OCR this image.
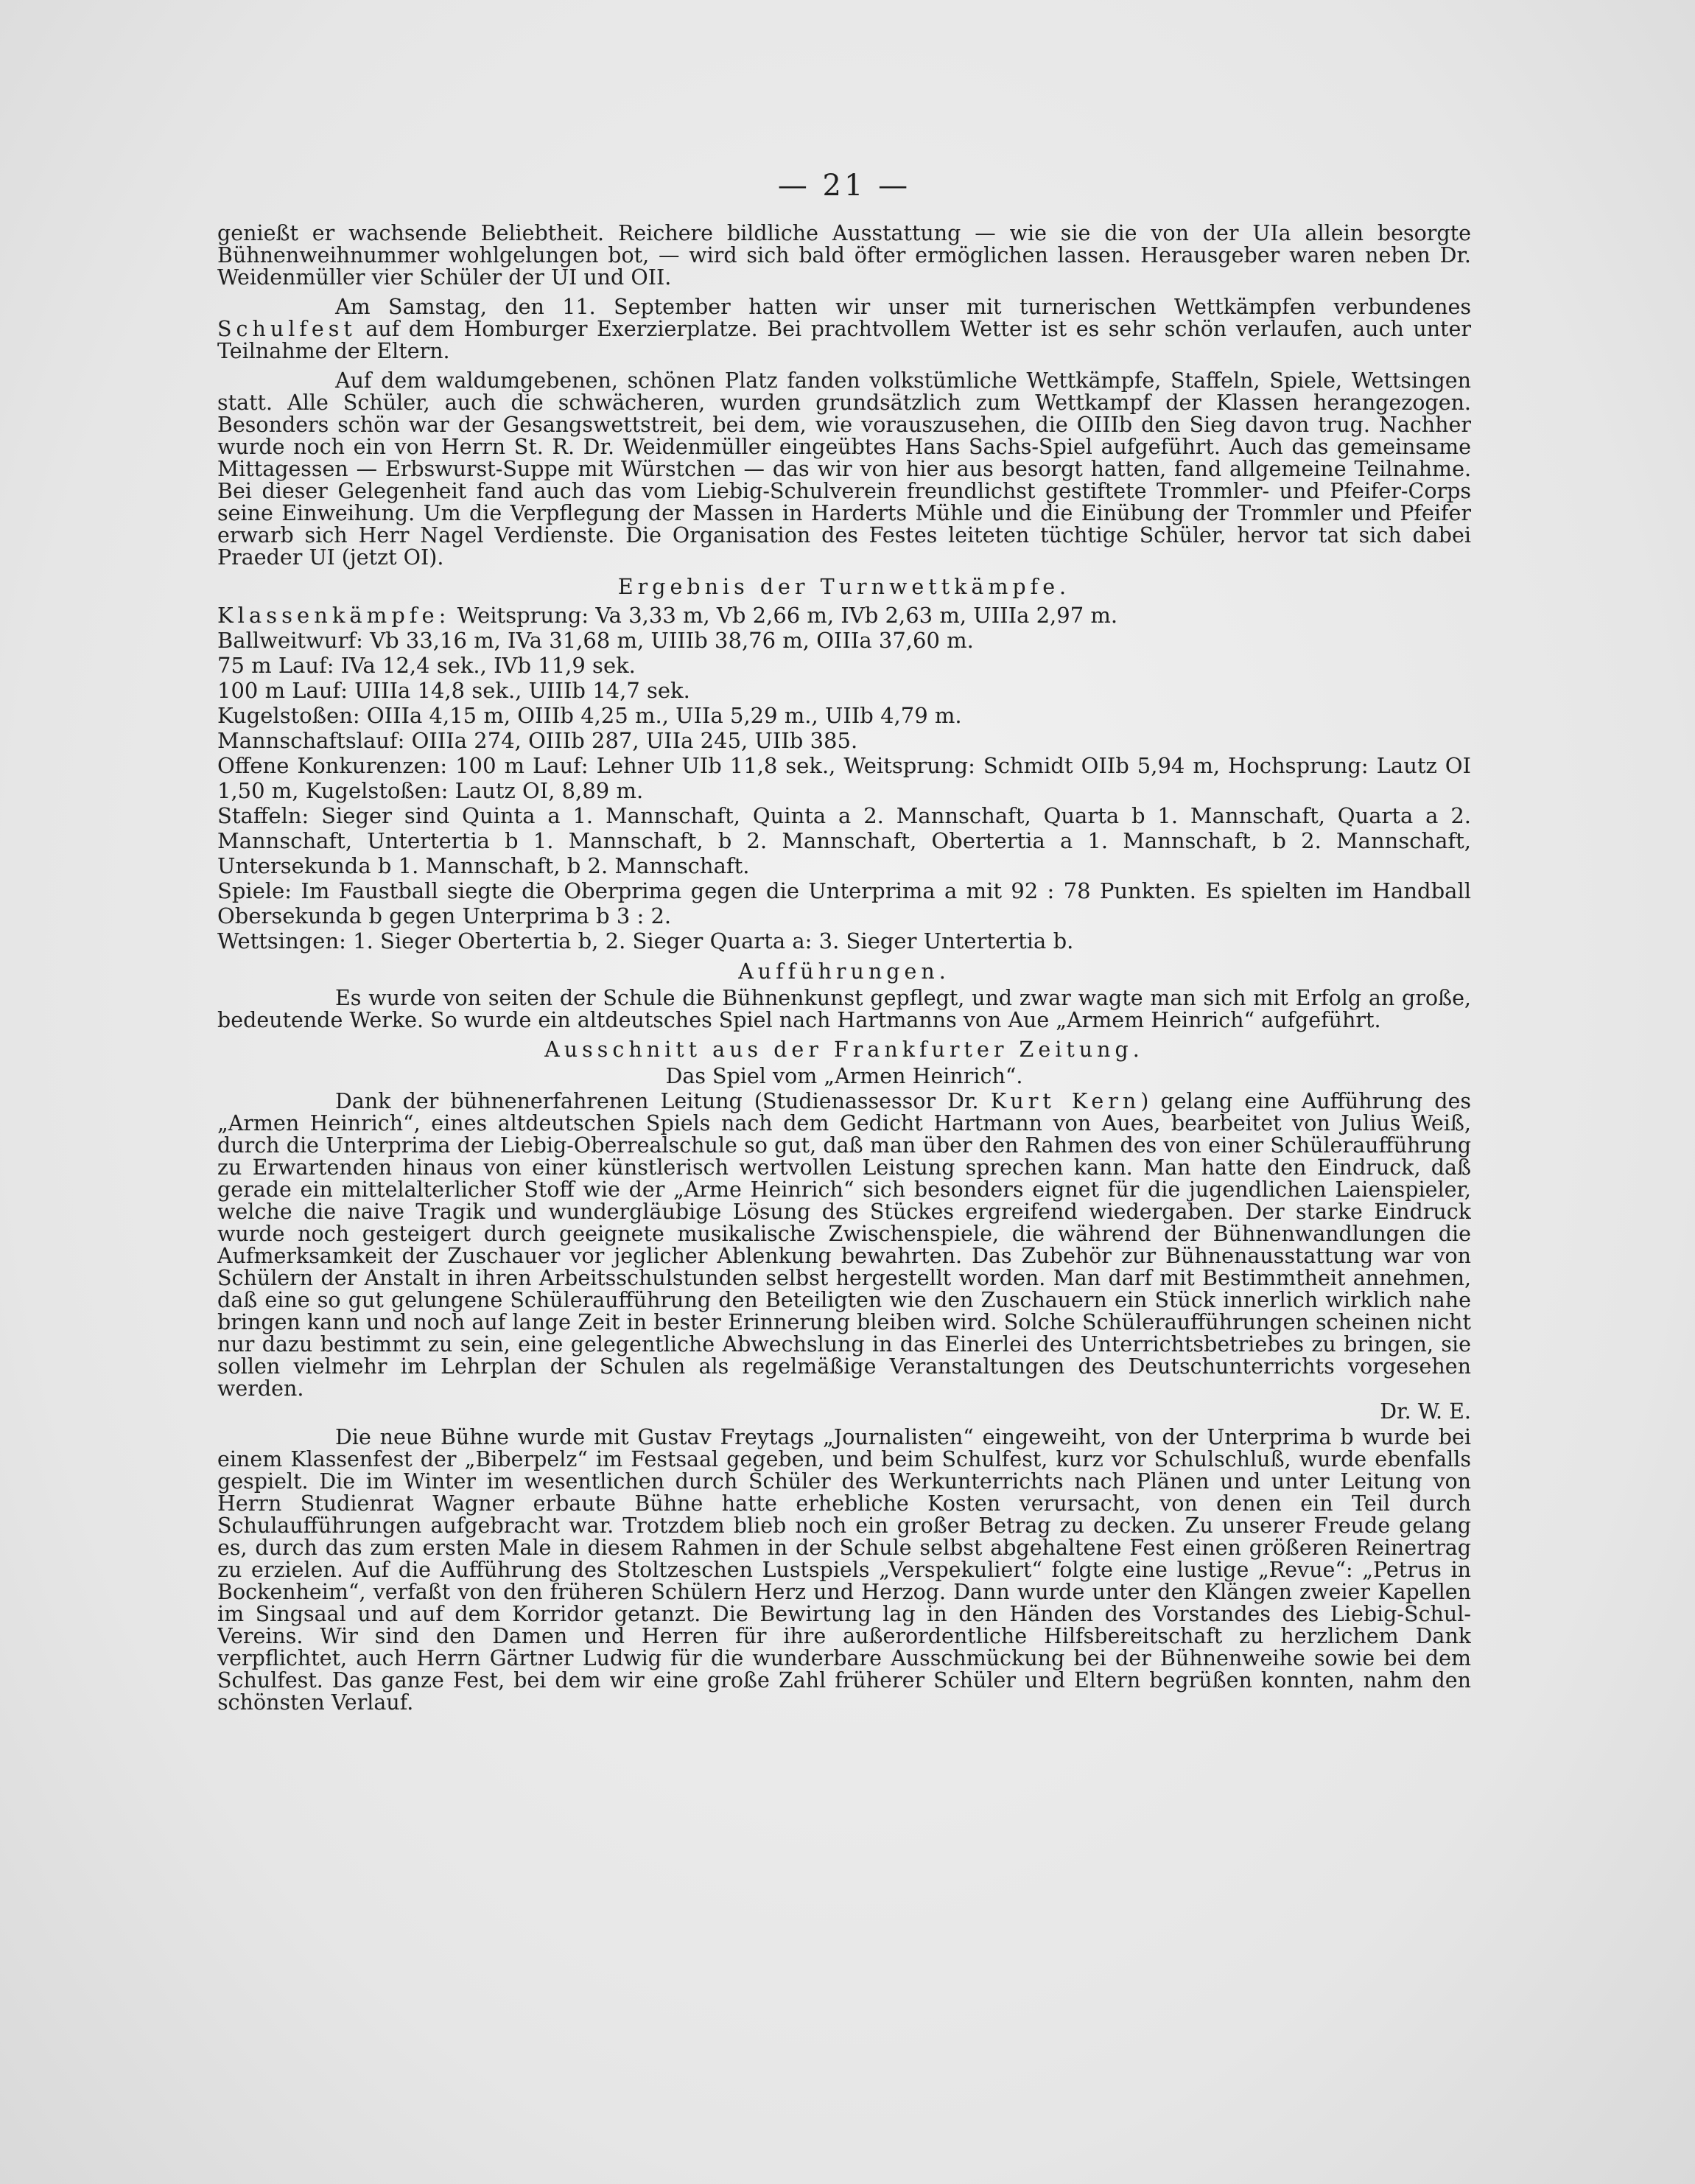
— 21 —

genießt er wachsende Beliebtheit. Reichere bildliche Ausstattung — wie sie die von der UIa allein besorgte Bühnenweihnummer wohlgelungen bot, — wird sich bald öfter ermöglichen lassen. Herausgeber waren neben Dr. Weidenmüller vier Schüler der UI und OII.

Am Samstag, den 11. September hatten wir unser mit turnerischen Wettkämpfen verbundenes Schulfest auf dem Homburger Exerzierplatze. Bei prachtvollem Wetter ist es sehr schön verlaufen, auch unter Teilnahme der Eltern.

Auf dem waldumgebenen, schönen Platz fanden volkstümliche Wettkämpfe, Staffeln, Spiele, Wettsingen statt. Alle Schüler, auch die schwächeren, wurden grundsätzlich zum Wettkampf der Klassen herangezogen. Besonders schön war der Gesangswettstreit, bei dem, wie vorauszusehen, die OIIIb den Sieg davon trug. Nachher wurde noch ein von Herrn St. R. Dr. Weidenmüller eingeübtes Hans Sachs-Spiel aufgeführt. Auch das gemeinsame Mittagessen — Erbswurst-Suppe mit Würstchen — das wir von hier aus besorgt hatten, fand allgemeine Teilnahme. Bei dieser Gelegenheit fand auch das vom Liebig-Schulverein freundlichst gestiftete Trommler- und Pfeifer-Corps seine Einweihung. Um die Verpflegung der Massen in Harderts Mühle und die Einübung der Trommler und Pfeifer erwarb sich Herr Nagel Verdienste. Die Organisation des Festes leiteten tüchtige Schüler, hervor tat sich dabei Praeder UI (jetzt OI).

Ergebnis der Turnwettkämpfe.

Klassenkämpfe: Weitsprung: Va 3,33 m, Vb 2,66 m, IVb 2,63 m, UIIIa 2,97 m.

Ballweitwurf: Vb 33,16 m, IVa 31,68 m, UIIIb 38,76 m, OIIIa 37,60 m.

75 m Lauf: IVa 12,4 sek., IVb 11,9 sek.

100 m Lauf: UIIIa 14,8 sek., UIIIb 14,7 sek.

Kugelstoßen: OIIIa 4,15 m, OIIIb 4,25 m., UIIa 5,29 m., UIIb 4,79 m.

Mannschaftslauf: OIIIa 274, OIIIb 287, UIIa 245, UIIb 385.

Offene Konkurenzen: 100 m Lauf: Lehner UIb 11,8 sek., Weitsprung: Schmidt OIIb 5,94 m, Hochsprung: Lautz OI 1,50 m, Kugelstoßen: Lautz OI, 8,89 m.

Staffeln: Sieger sind Quinta a 1. Mannschaft, Quinta a 2. Mannschaft, Quarta b 1. Mannschaft, Quarta a 2. Mannschaft, Untertertia b 1. Mannschaft, b 2. Mannschaft, Obertertia a 1. Mannschaft, b 2. Mannschaft, Untersekunda b 1. Mannschaft, b 2. Mannschaft.

Spiele: Im Faustball siegte die Oberprima gegen die Unterprima a mit 92 : 78 Punkten. Es spielten im Handball Obersekunda b gegen Unterprima b 3 : 2.

Wettsingen: 1. Sieger Obertertia b, 2. Sieger Quarta a: 3. Sieger Untertertia b.

Aufführungen.

Es wurde von seiten der Schule die Bühnenkunst gepflegt, und zwar wagte man sich mit Erfolg an große, bedeutende Werke. So wurde ein altdeutsches Spiel nach Hartmanns von Aue „Armem Heinrich“ aufgeführt.

Ausschnitt aus der Frankfurter Zeitung.
Das Spiel vom „Armen Heinrich“.

Dank der bühnenerfahrenen Leitung (Studienassessor Dr. Kurt Kern) gelang eine Aufführung des „Armen Heinrich“, eines altdeutschen Spiels nach dem Gedicht Hartmann von Aues, bearbeitet von Julius Weiß, durch die Unterprima der Liebig-Oberrealschule so gut, daß man über den Rahmen des von einer Schüleraufführung zu Erwartenden hinaus von einer künstlerisch wertvollen Leistung sprechen kann. Man hatte den Eindruck, daß gerade ein mittelalterlicher Stoff wie der „Arme Heinrich“ sich besonders eignet für die jugendlichen Laienspieler, welche die naive Tragik und wundergläubige Lösung des Stückes ergreifend wiedergaben. Der starke Eindruck wurde noch gesteigert durch geeignete musikalische Zwischenspiele, die während der Bühnenwandlungen die Aufmerksamkeit der Zuschauer vor jeglicher Ablenkung bewahrten. Das Zubehör zur Bühnenausstattung war von Schülern der Anstalt in ihren Arbeitsschulstunden selbst hergestellt worden. Man darf mit Bestimmtheit annehmen, daß eine so gut gelungene Schüleraufführung den Beteiligten wie den Zuschauern ein Stück innerlich wirklich nahe bringen kann und noch auf lange Zeit in bester Erinnerung bleiben wird. Solche Schüleraufführungen scheinen nicht nur dazu bestimmt zu sein, eine gelegentliche Abwechslung in das Einerlei des Unterrichtsbetriebes zu bringen, sie sollen vielmehr im Lehrplan der Schulen als regelmäßige Veranstaltungen des Deutschunterrichts vorgesehen werden.

Dr. W. E.

Die neue Bühne wurde mit Gustav Freytags „Journalisten“ eingeweiht, von der Unterprima b wurde bei einem Klassenfest der „Biberpelz“ im Festsaal gegeben, und beim Schulfest, kurz vor Schulschluß, wurde ebenfalls gespielt. Die im Winter im wesentlichen durch Schüler des Werkunterrichts nach Plänen und unter Leitung von Herrn Studienrat Wagner erbaute Bühne hatte erhebliche Kosten verursacht, von denen ein Teil durch Schulaufführungen aufgebracht war. Trotzdem blieb noch ein großer Betrag zu decken. Zu unserer Freude gelang es, durch das zum ersten Male in diesem Rahmen in der Schule selbst abgehaltene Fest einen größeren Reinertrag zu erzielen. Auf die Aufführung des Stoltzeschen Lustspiels „Verspekuliert“ folgte eine lustige „Revue“: „Petrus in Bockenheim“, verfaßt von den früheren Schülern Herz und Herzog. Dann wurde unter den Klängen zweier Kapellen im Singsaal und auf dem Korridor getanzt. Die Bewirtung lag in den Händen des Vorstandes des Liebig-Schul-Vereins. Wir sind den Damen und Herren für ihre außerordentliche Hilfsbereitschaft zu herzlichem Dank verpflichtet, auch Herrn Gärtner Ludwig für die wunderbare Ausschmückung bei der Bühnenweihe sowie bei dem Schulfest. Das ganze Fest, bei dem wir eine große Zahl früherer Schüler und Eltern begrüßen konnten, nahm den schönsten Verlauf.
